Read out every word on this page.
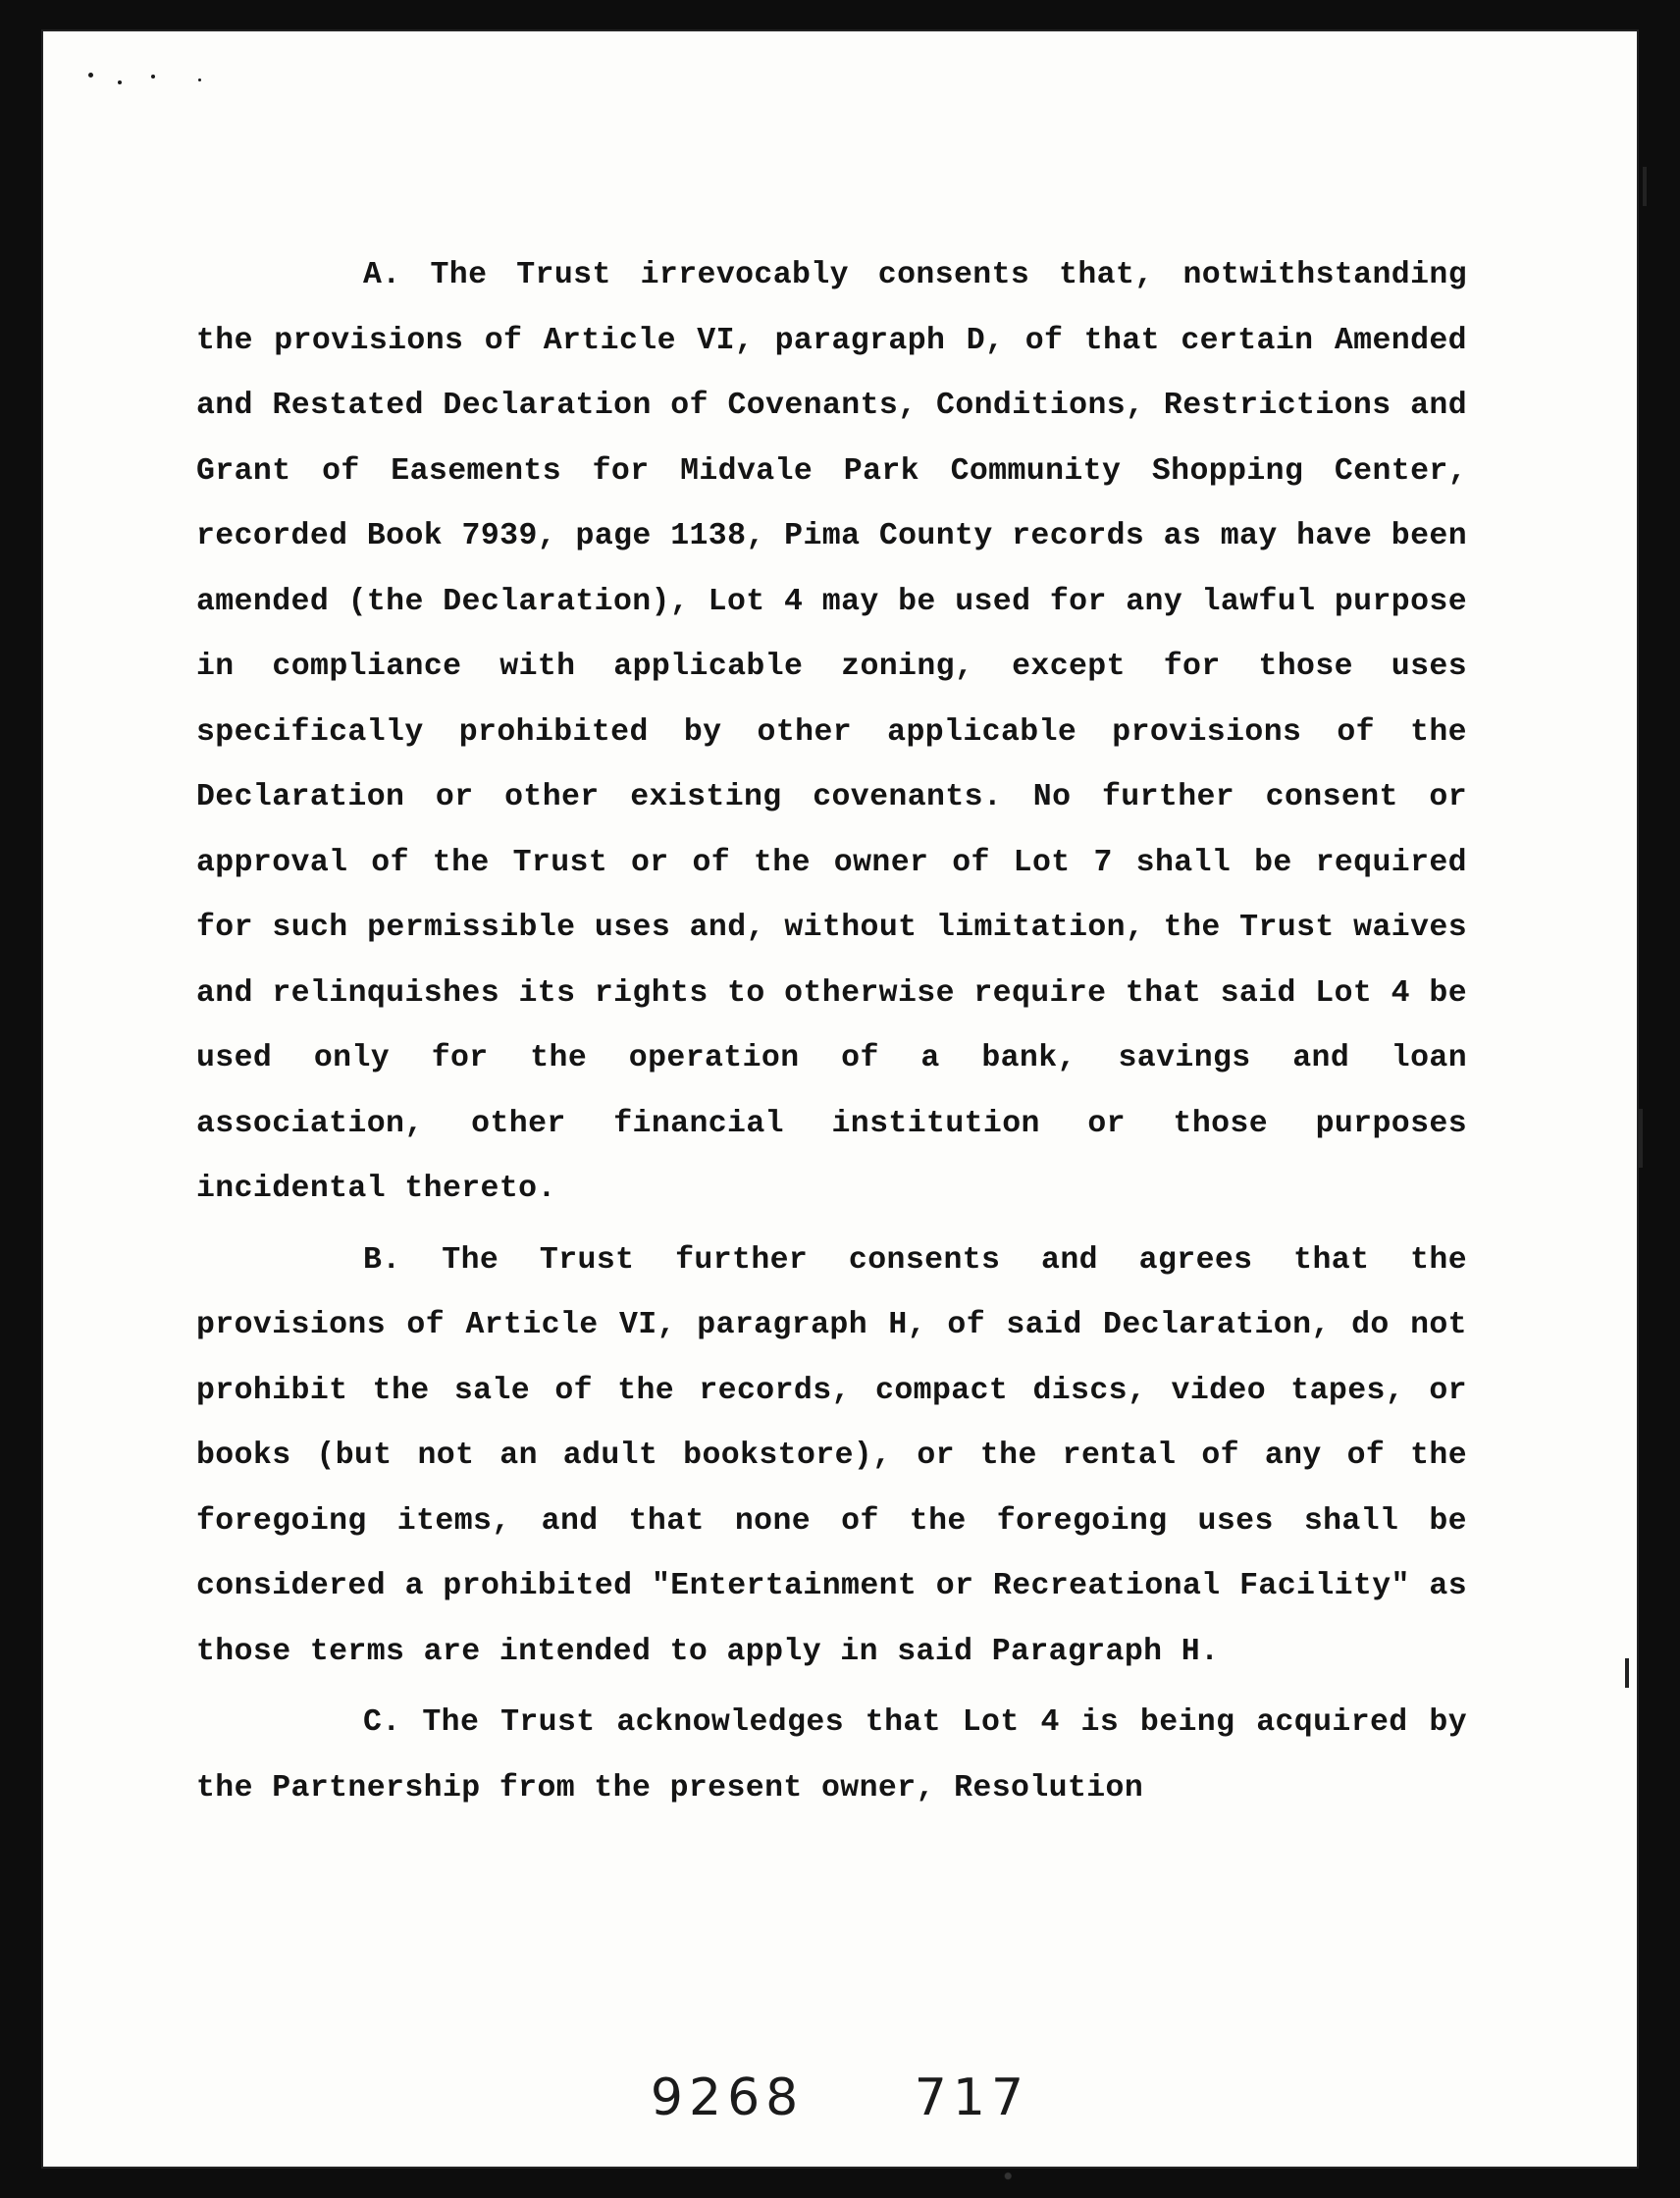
A. The Trust irrevocably consents that, notwithstanding the provisions of Article VI, paragraph D, of that certain Amended and Restated Declaration of Covenants, Conditions, Restrictions and Grant of Easements for Midvale Park Community Shopping Center, recorded Book 7939, page 1138, Pima County records as may have been amended (the Declaration), Lot 4 may be used for any lawful purpose in compliance with applicable zoning, except for those uses specifically prohibited by other applicable provisions of the Declaration or other existing covenants. No further consent or approval of the Trust or of the owner of Lot 7 shall be required for such permissible uses and, without limitation, the Trust waives and relinquishes its rights to otherwise require that said Lot 4 be used only for the operation of a bank, savings and loan association, other financial institution or those purposes incidental thereto.

B. The Trust further consents and agrees that the provisions of Article VI, paragraph H, of said Declaration, do not prohibit the sale of the records, compact discs, video tapes, or books (but not an adult bookstore), or the rental of any of the foregoing items, and that none of the foregoing uses shall be considered a prohibited "Entertainment or Recreational Facility" as those terms are intended to apply in said Paragraph H.

C. The Trust acknowledges that Lot 4 is being acquired by the Partnership from the present owner, Resolution

9268 717
